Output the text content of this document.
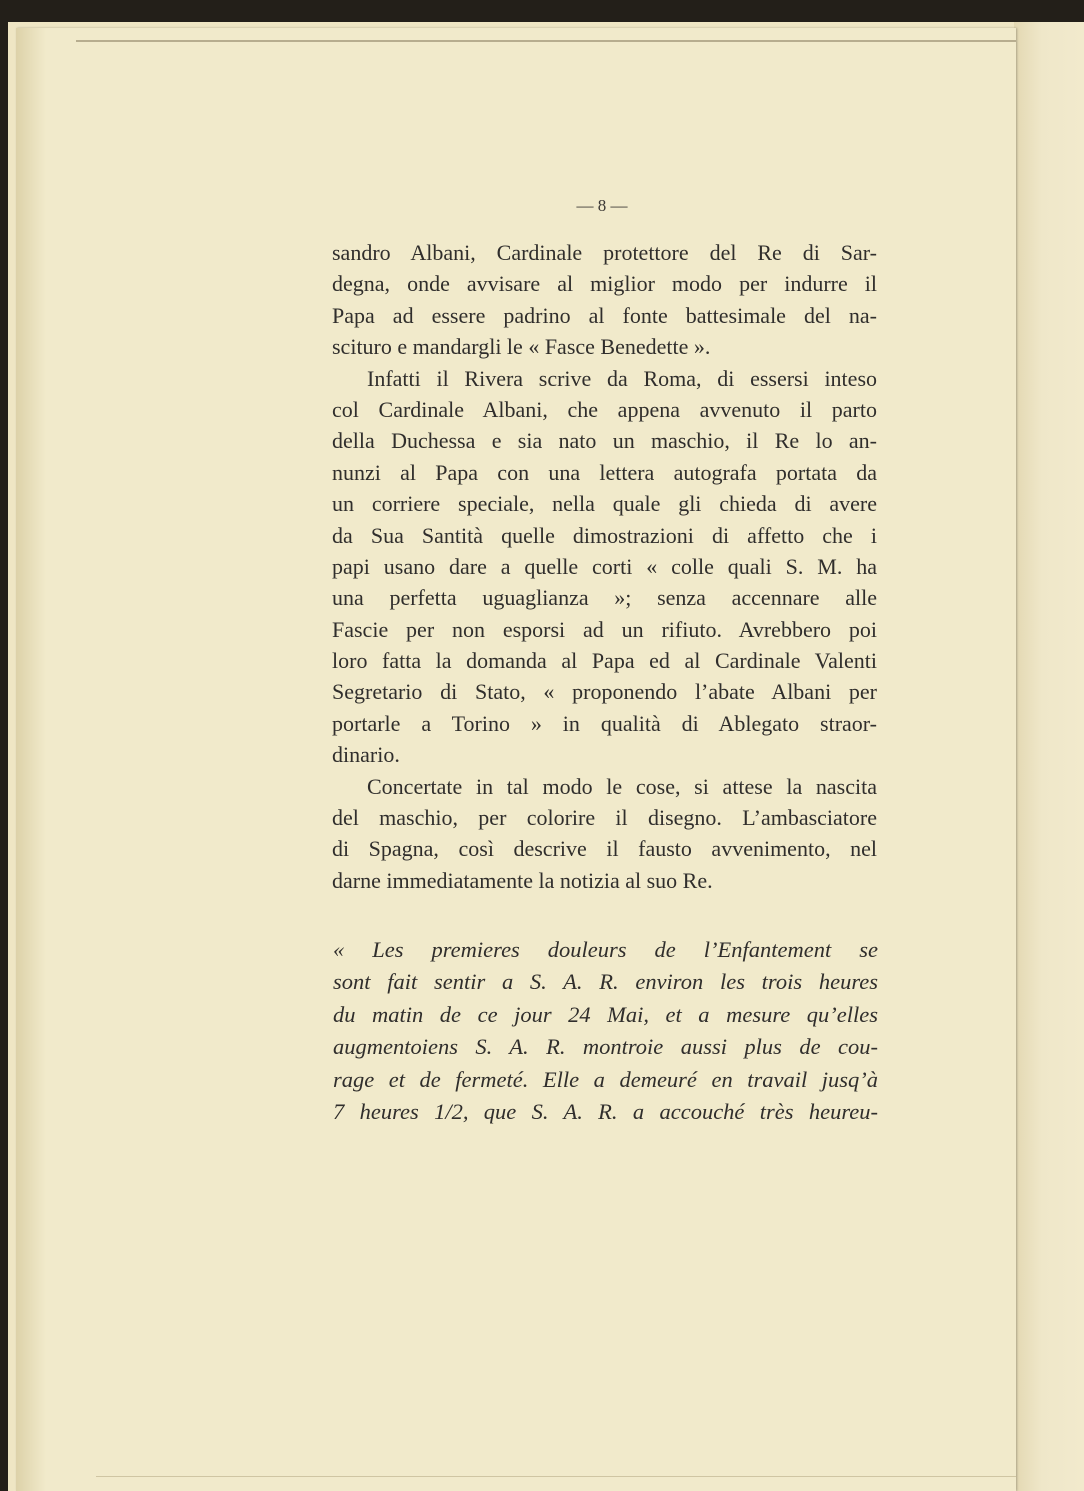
— 8 —
sandro Albani, Cardinale protettore del Re di Sar-
degna, onde avvisare al miglior modo per indurre il
Papa ad essere padrino al fonte battesimale del na-
scituro e mandargli le « Fasce Benedette ».
Infatti il Rivera scrive da Roma, di essersi inteso
col Cardinale Albani, che appena avvenuto il parto
della Duchessa e sia nato un maschio, il Re lo an-
nunzi al Papa con una lettera autografa portata da
un corriere speciale, nella quale gli chieda di avere
da Sua Santità quelle dimostrazioni di affetto che i
papi usano dare a quelle corti « colle quali S. M. ha
una perfetta uguaglianza »; senza accennare alle
Fascie per non esporsi ad un rifiuto. Avrebbero poi
loro fatta la domanda al Papa ed al Cardinale Valenti
Segretario di Stato, « proponendo l’abate Albani per
portarle a Torino » in qualità di Ablegato straor-
dinario.
Concertate in tal modo le cose, si attese la nascita
del maschio, per colorire il disegno. L’ambasciatore
di Spagna, così descrive il fausto avvenimento, nel
darne immediatamente la notizia al suo Re.
« Les premieres douleurs de l’Enfantement se
sont fait sentir a S. A. R. environ les trois heures
du matin de ce jour 24 Mai, et a mesure qu’elles
augmentoiens S. A. R. montroie aussi plus de cou-
rage et de fermeté. Elle a demeuré en travail jusq’à
7 heures 1/2, que S. A. R. a accouché très heureu-
